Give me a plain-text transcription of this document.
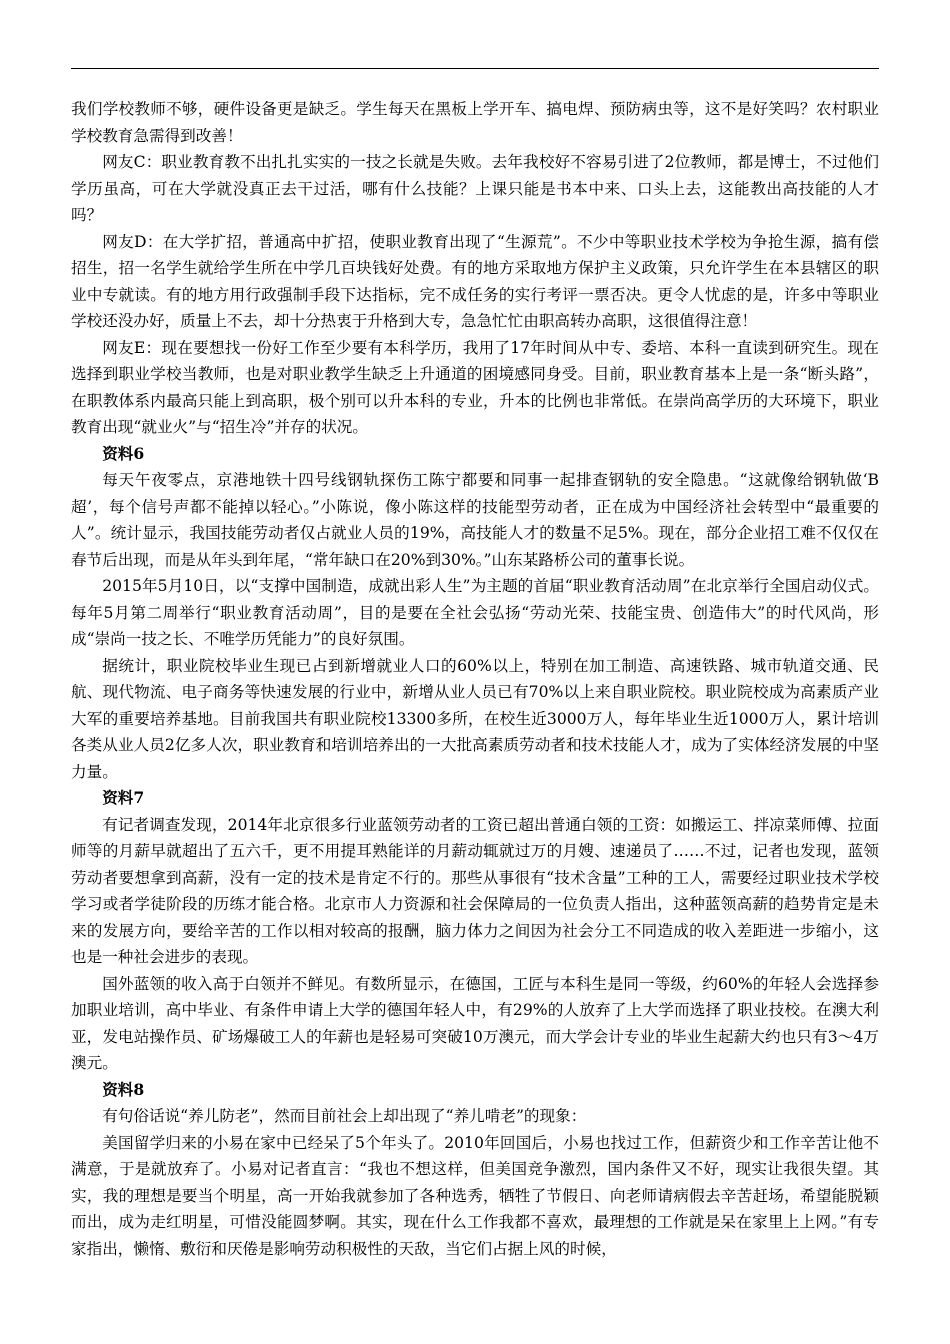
我们学校教师不够，硬件设备更是缺乏。学生每天在黑板上学开车、搞电焊、预防病虫等，这不是好笑吗？农村职业学校教育急需得到改善！

网友C：职业教育教不出扎扎实实的一技之长就是失败。去年我校好不容易引进了2位教师，都是博士，不过他们学历虽高，可在大学就没真正去干过活，哪有什么技能？上课只能是书本中来、口头上去，这能教出高技能的人才吗？

网友D：在大学扩招，普通高中扩招，使职业教育出现了“生源荒”。不少中等职业技术学校为争抢生源，搞有偿招生，招一名学生就给学生所在中学几百块钱好处费。有的地方采取地方保护主义政策，只允许学生在本县辖区的职业中专就读。有的地方用行政强制手段下达指标，完不成任务的实行考评一票否决。更令人忧虑的是，许多中等职业学校还没办好，质量上不去，却十分热衷于升格到大专，急急忙忙由职高转办高职，这很值得注意！

网友E：现在要想找一份好工作至少要有本科学历，我用了17年时间从中专、委培、本科一直读到研究生。现在选择到职业学校当教师，也是对职业教学生缺乏上升通道的困境感同身受。目前，职业教育基本上是一条“断头路”，在职教体系内最高只能上到高职，极个别可以升本科的专业，升本的比例也非常低。在崇尚高学历的大环境下，职业教育出现“就业火”与“招生冷”并存的状况。

资料6

每天午夜零点，京港地铁十四号线钢轨探伤工陈宁都要和同事一起排查钢轨的安全隐患。“这就像给钢轨做‘B超’，每个信号声都不能掉以轻心。”小陈说，像小陈这样的技能型劳动者，正在成为中国经济社会转型中“最重要的人”。统计显示，我国技能劳动者仅占就业人员的19%，高技能人才的数量不足5%。现在，部分企业招工难不仅仅在春节后出现，而是从年头到年尾，“常年缺口在20%到30%。”山东某路桥公司的董事长说。

2015年5月10日，以“支撑中国制造，成就出彩人生”为主题的首届“职业教育活动周”在北京举行全国启动仪式。每年5月第二周举行“职业教育活动周”，目的是要在全社会弘扬“劳动光荣、技能宝贵、创造伟大”的时代风尚，形成“崇尚一技之长、不唯学历凭能力”的良好氛围。

据统计，职业院校毕业生现已占到新增就业人口的60%以上，特别在加工制造、高速铁路、城市轨道交通、民航、现代物流、电子商务等快速发展的行业中，新增从业人员已有70%以上来自职业院校。职业院校成为高素质产业大军的重要培养基地。目前我国共有职业院校13300多所，在校生近3000万人，每年毕业生近1000万人，累计培训各类从业人员2亿多人次，职业教育和培训培养出的一大批高素质劳动者和技术技能人才，成为了实体经济发展的中坚力量。

资料7

有记者调查发现，2014年北京很多行业蓝领劳动者的工资已超出普通白领的工资：如搬运工、拌凉菜师傅、拉面师等的月薪早就超出了五六千，更不用提耳熟能详的月薪动辄就过万的月嫂、速递员了……不过，记者也发现，蓝领劳动者要想拿到高薪，没有一定的技术是肯定不行的。那些从事很有“技术含量”工种的工人，需要经过职业技术学校学习或者学徒阶段的历练才能合格。北京市人力资源和社会保障局的一位负责人指出，这种蓝领高薪的趋势肯定是未来的发展方向，要给辛苦的工作以相对较高的报酬，脑力体力之间因为社会分工不同造成的收入差距进一步缩小，这也是一种社会进步的表现。

国外蓝领的收入高于白领并不鲜见。有数所显示，在德国，工匠与本科生是同一等级，约60%的年轻人会选择参加职业培训，高中毕业、有条件申请上大学的德国年轻人中，有29%的人放弃了上大学而选择了职业技校。在澳大利亚，发电站操作员、矿场爆破工人的年薪也是轻易可突破10万澳元，而大学会计专业的毕业生起薪大约也只有3～4万澳元。

资料8

有句俗话说“养儿防老”，然而目前社会上却出现了“养儿啃老”的现象：

美国留学归来的小易在家中已经呆了5个年头了。2010年回国后，小易也找过工作，但薪资少和工作辛苦让他不满意，于是就放弃了。小易对记者直言：“我也不想这样，但美国竞争激烈，国内条件又不好，现实让我很失望。其实，我的理想是要当个明星，高一开始我就参加了各种选秀，牺牲了节假日、向老师请病假去辛苦赶场，希望能脱颖而出，成为走红明星，可惜没能圆梦啊。其实，现在什么工作我都不喜欢，最理想的工作就是呆在家里上上网。”有专家指出，懒惰、敷衍和厌倦是影响劳动积极性的天敌，当它们占据上风的时候，
